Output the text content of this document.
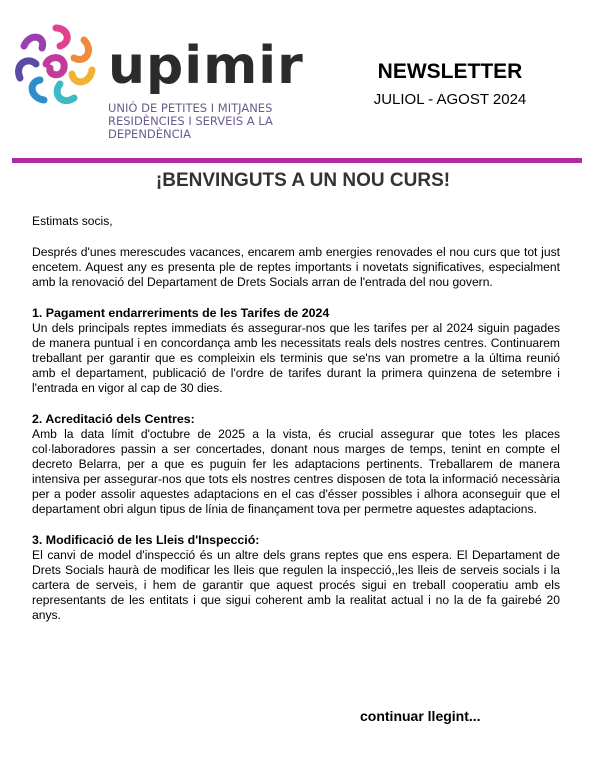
upimir
UNIÓ DE PETITES I MITJANES
RESIDÈNCIES I SERVEIS A LA
DEPENDÈNCIA
NEWSLETTER
JULIOL - AGOST 2024
¡BENVINGUTS A UN NOU CURS!

Estimats socis,

Després d'unes merescudes vacances, encarem amb energies renovades el nou curs que tot just encetem. Aquest any es presenta ple de reptes importants i novetats significatives, especialment amb la renovació del Departament de Drets Socials arran de l'entrada del nou govern.

1. Pagament endarreriments de les Tarifes de 2024

Un dels principals reptes immediats és assegurar-nos que les tarifes per al 2024 siguin pagades de manera puntual i en concordança amb les necessitats reals dels nostres centres. Continuarem treballant per garantir que es compleixin els terminis que se'ns van prometre a la última reunió amb el departament, publicació de l'ordre de tarifes durant la primera quinzena de setembre i l'entrada en vigor al cap de 30 dies.

2. Acreditació dels Centres:

Amb la data límit d'octubre de 2025 a la vista, és crucial assegurar que totes les places col·laboradores passin a ser concertades, donant nous marges de temps, tenint en compte el decreto Belarra, per a que es puguin fer les adaptacions pertinents. Treballarem de manera intensiva per assegurar-nos que tots els nostres centres disposen de tota la informació necessària per a poder assolir aquestes adaptacions en el cas d'ésser possibles i alhora aconseguir que el departament obri algun tipus de línia de finançament tova per permetre aquestes adaptacions.

3. Modificació de les Lleis d'Inspecció:

El canvi de model d'inspecció és un altre dels grans reptes que ens espera. El Departament de Drets Socials haurà de modificar les lleis que regulen la inspecció,,les lleis de serveis socials i la cartera de serveis, i hem de garantir que aquest procés sigui en treball cooperatiu amb els representants de les entitats i que sigui coherent amb la realitat actual i no la de fa gairebé 20 anys.

continuar llegint...
